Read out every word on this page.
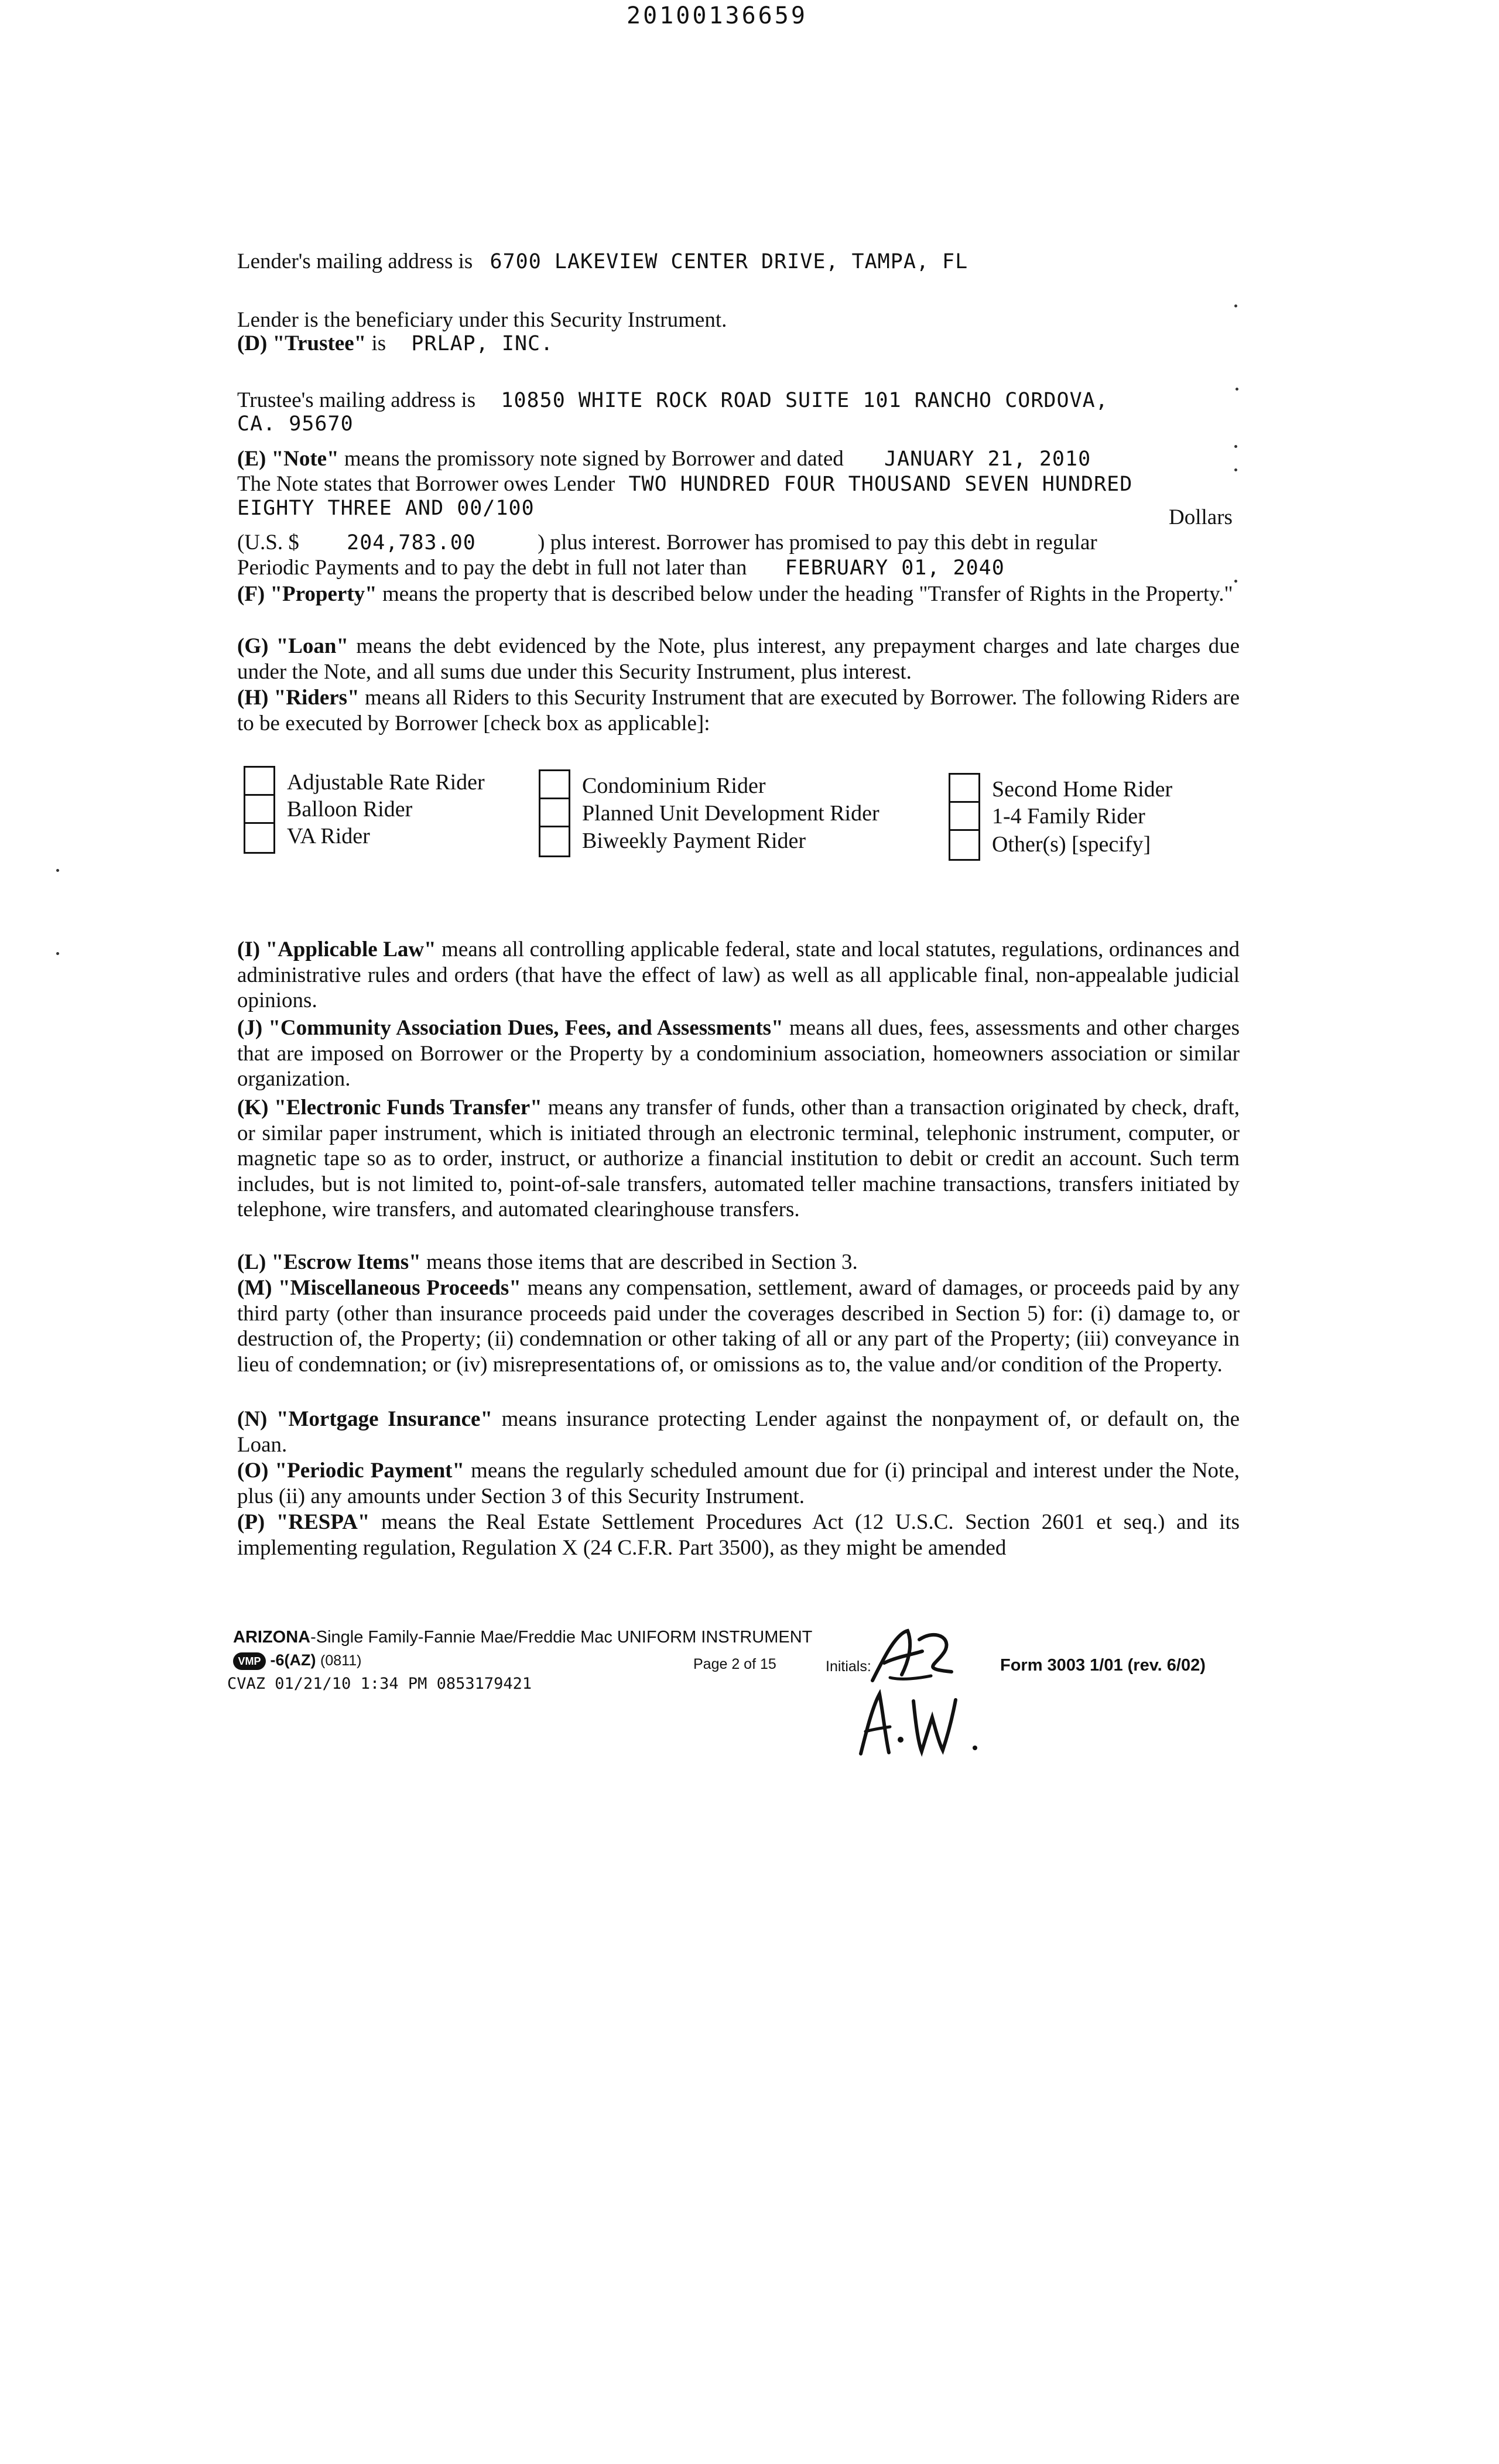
20100136659
Lender's mailing address is 6700 LAKEVIEW CENTER DRIVE, TAMPA, FL
Lender is the beneficiary under this Security Instrument.
(D) "Trustee" is PRLAP, INC.
Trustee's mailing address is 10850 WHITE ROCK ROAD SUITE 101 RANCHO CORDOVA,
CA. 95670
(E) "Note" means the promissory note signed by Borrower and dated JANUARY 21, 2010
The Note states that Borrower owes Lender TWO HUNDRED FOUR THOUSAND SEVEN HUNDRED
EIGHTY THREE AND 00/100	Dollars
(U.S. $ 204,783.00	) plus interest. Borrower has promised to pay this debt in regular
Periodic Payments and to pay the debt in full not later than FEBRUARY 01, 2040
(F) "Property" means the property that is described below under the heading "Transfer of Rights in the Property."
(G) "Loan" means the debt evidenced by the Note, plus interest, any prepayment charges and late charges due under the Note, and all sums due under this Security Instrument, plus interest.
(H) "Riders" means all Riders to this Security Instrument that are executed by Borrower. The following Riders are to be executed by Borrower [check box as applicable]:
Adjustable Rate Rider
Balloon Rider
VA Rider
Condominium Rider
Planned Unit Development Rider
Biweekly Payment Rider
Second Home Rider
1-4 Family Rider
Other(s) [specify]
(I) "Applicable Law" means all controlling applicable federal, state and local statutes, regulations, ordinances and administrative rules and orders (that have the effect of law) as well as all applicable final, non-appealable judicial opinions.
(J) "Community Association Dues, Fees, and Assessments" means all dues, fees, assessments and other charges that are imposed on Borrower or the Property by a condominium association, homeowners association or similar organization.
(K) "Electronic Funds Transfer" means any transfer of funds, other than a transaction originated by check, draft, or similar paper instrument, which is initiated through an electronic terminal, telephonic instrument, computer, or magnetic tape so as to order, instruct, or authorize a financial institution to debit or credit an account. Such term includes, but is not limited to, point-of-sale transfers, automated teller machine transactions, transfers initiated by telephone, wire transfers, and automated clearinghouse transfers.
(L) "Escrow Items" means those items that are described in Section 3.
(M) "Miscellaneous Proceeds" means any compensation, settlement, award of damages, or proceeds paid by any third party (other than insurance proceeds paid under the coverages described in Section 5) for: (i) damage to, or destruction of, the Property; (ii) condemnation or other taking of all or any part of the Property; (iii) conveyance in lieu of condemnation; or (iv) misrepresentations of, or omissions as to, the value and/or condition of the Property.
(N) "Mortgage Insurance" means insurance protecting Lender against the nonpayment of, or default on, the Loan.
(O) "Periodic Payment" means the regularly scheduled amount due for (i) principal and interest under the Note, plus (ii) any amounts under Section 3 of this Security Instrument.
(P) "RESPA" means the Real Estate Settlement Procedures Act (12 U.S.C. Section 2601 et seq.) and its implementing regulation, Regulation X (24 C.F.R. Part 3500), as they might be amended
ARIZONA-Single Family-Fannie Mae/Freddie Mac UNIFORM INSTRUMENT
VMP -6(AZ) (0811)	Page 2 of 15	Initials:	Form 3003 1/01 (rev. 6/02)
CVAZ 01/21/10 1:34 PM 0853179421
